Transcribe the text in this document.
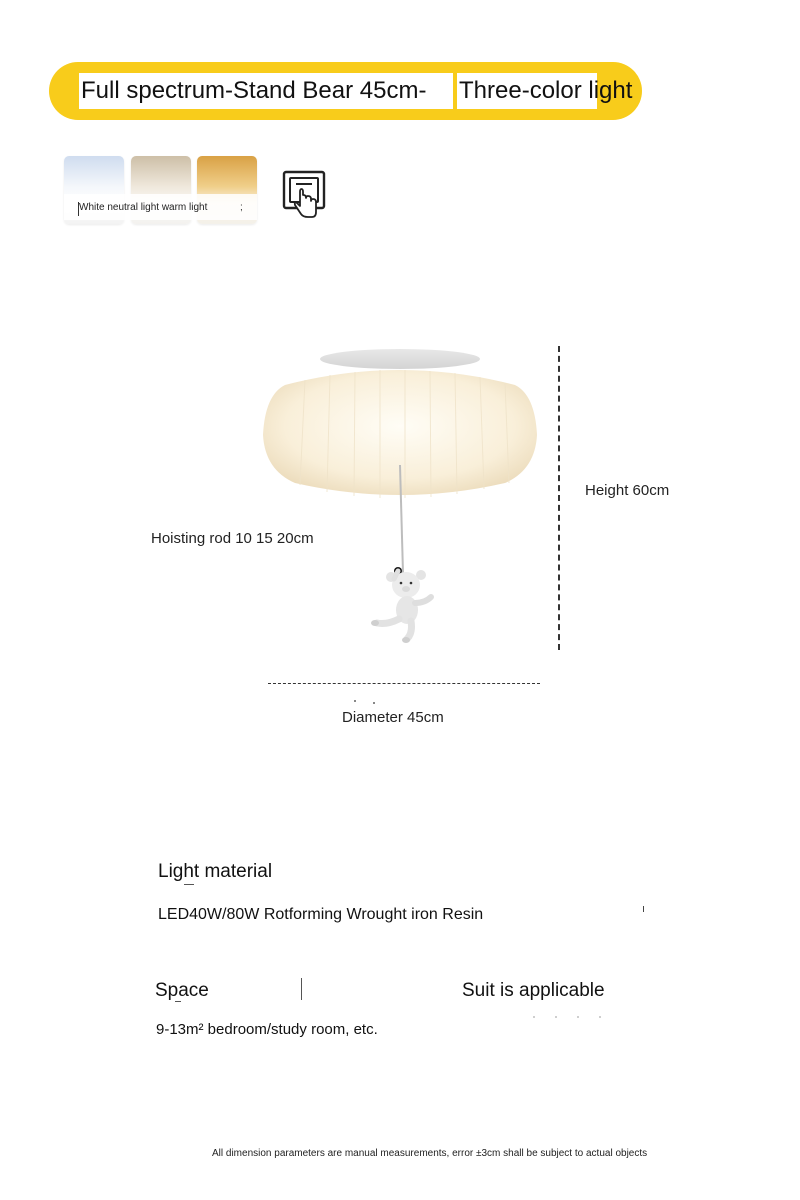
Full spectrum-Stand Bear 45cm- Three-color light
White neutral light warm light	;
Height 60cm
Hoisting rod 10 15 20cm
Diameter 45cm
Light material
LED40W/80W Rotforming Wrought iron Resin
Space	Suit is applicable
9-13m² bedroom/study room, etc.
All dimension parameters are manual measurements, error ±3cm shall be subject to actual objects
